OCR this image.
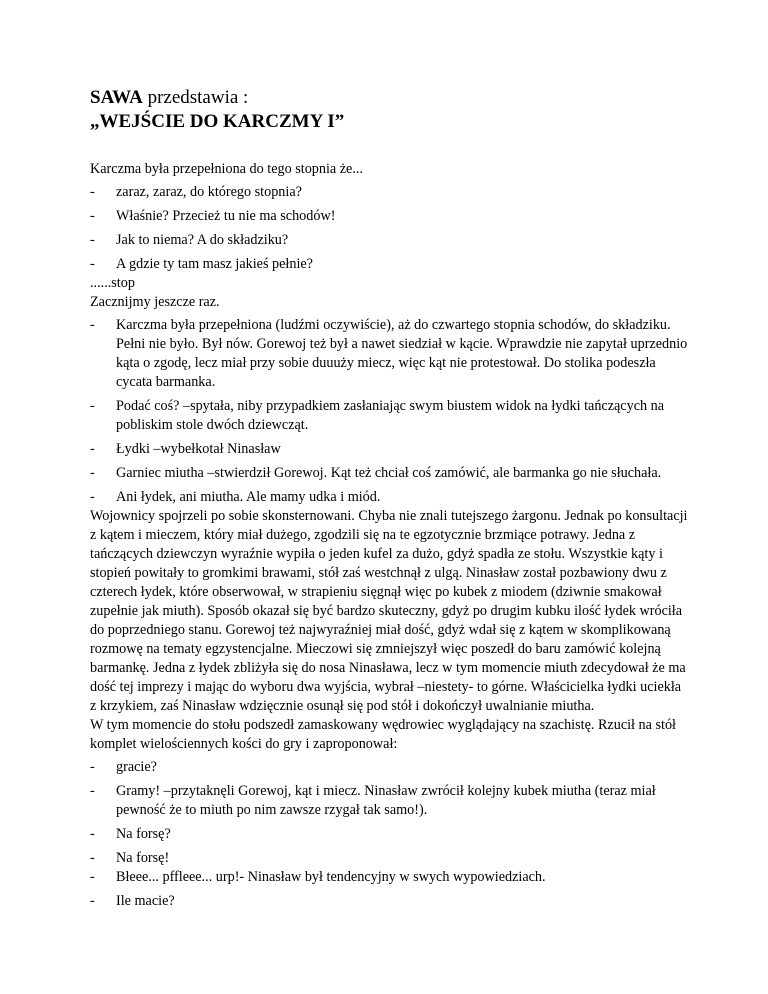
SAWA przedstawia :
„WEJŚCIE DO KARCZMY I”

Karczma była przepełniona do tego stopnia że...

-	zaraz, zaraz, do którego stopnia?
-	Właśnie? Przecież tu nie ma schodów!
-	Jak to niema? A do składziku?
-	A gdzie ty tam masz jakieś pełnie?

......stop

Zacznijmy jeszcze raz.

-	Karczma była przepełniona (ludźmi oczywiście), aż do czwartego stopnia schodów, do składziku. Pełni nie było. Był nów. Gorewoj też był a nawet siedział w kącie. Wprawdzie nie zapytał uprzednio kąta o zgodę, lecz miał przy sobie duuuży miecz, więc kąt nie protestował. Do stolika podeszła cycata barmanka.
-	Podać coś? –spytała, niby przypadkiem zasłaniając swym biustem widok na łydki tańczących na pobliskim stole dwóch dziewcząt.
-	Łydki –wybełkotał Ninasław
-	Garniec miutha –stwierdził Gorewoj. Kąt też chciał coś zamówić, ale barmanka go nie słuchała.
-	Ani łydek, ani miutha. Ale mamy udka i miód.

Wojownicy spojrzeli po sobie skonsternowani. Chyba nie znali tutejszego żargonu. Jednak po konsultacji z kątem i mieczem, który miał dużego, zgodzili się na te egzotycznie brzmiące potrawy. Jedna z tańczących dziewczyn wyraźnie wypiła o jeden kufel za dużo, gdyż spadła ze stołu. Wszystkie kąty i stopień powitały to gromkimi brawami, stół zaś westchnął z ulgą. Ninasław został pozbawiony dwu z czterech łydek, które obserwował, w strapieniu sięgnął więc po kubek z miodem (dziwnie smakował zupełnie jak miuth). Sposób okazał się być bardzo skuteczny, gdyż po drugim kubku ilość łydek wróciła do poprzedniego stanu. Gorewoj też najwyraźniej miał dość, gdyż wdał się z kątem w skomplikowaną rozmowę na tematy egzystencjalne. Mieczowi się zmniejszył więc poszedł do baru zamówić kolejną barmankę. Jedna z łydek zbliżyła się do nosa Ninasława, lecz w tym momencie miuth zdecydował że ma dość tej imprezy i mając do wyboru dwa wyjścia, wybrał –niestety- to górne. Właścicielka łydki uciekła z krzykiem, zaś Ninasław wdzięcznie osunął się pod stół i dokończył uwalnianie miutha.

W tym momencie do stołu podszedł zamaskowany wędrowiec wyglądający na szachistę. Rzucił na stół komplet wielościennych kości do gry i zaproponował:

-	gracie?
-	Gramy! –przytaknęli Gorewoj, kąt i miecz. Ninasław zwrócił kolejny kubek miutha (teraz miał pewność że to miuth po nim zawsze rzygał tak samo!).
-	Na forsę?
-	Na forsę!
-	Błeee... pffleee... urp!- Ninasław był tendencyjny w swych wypowiedziach.
-	Ile macie?
